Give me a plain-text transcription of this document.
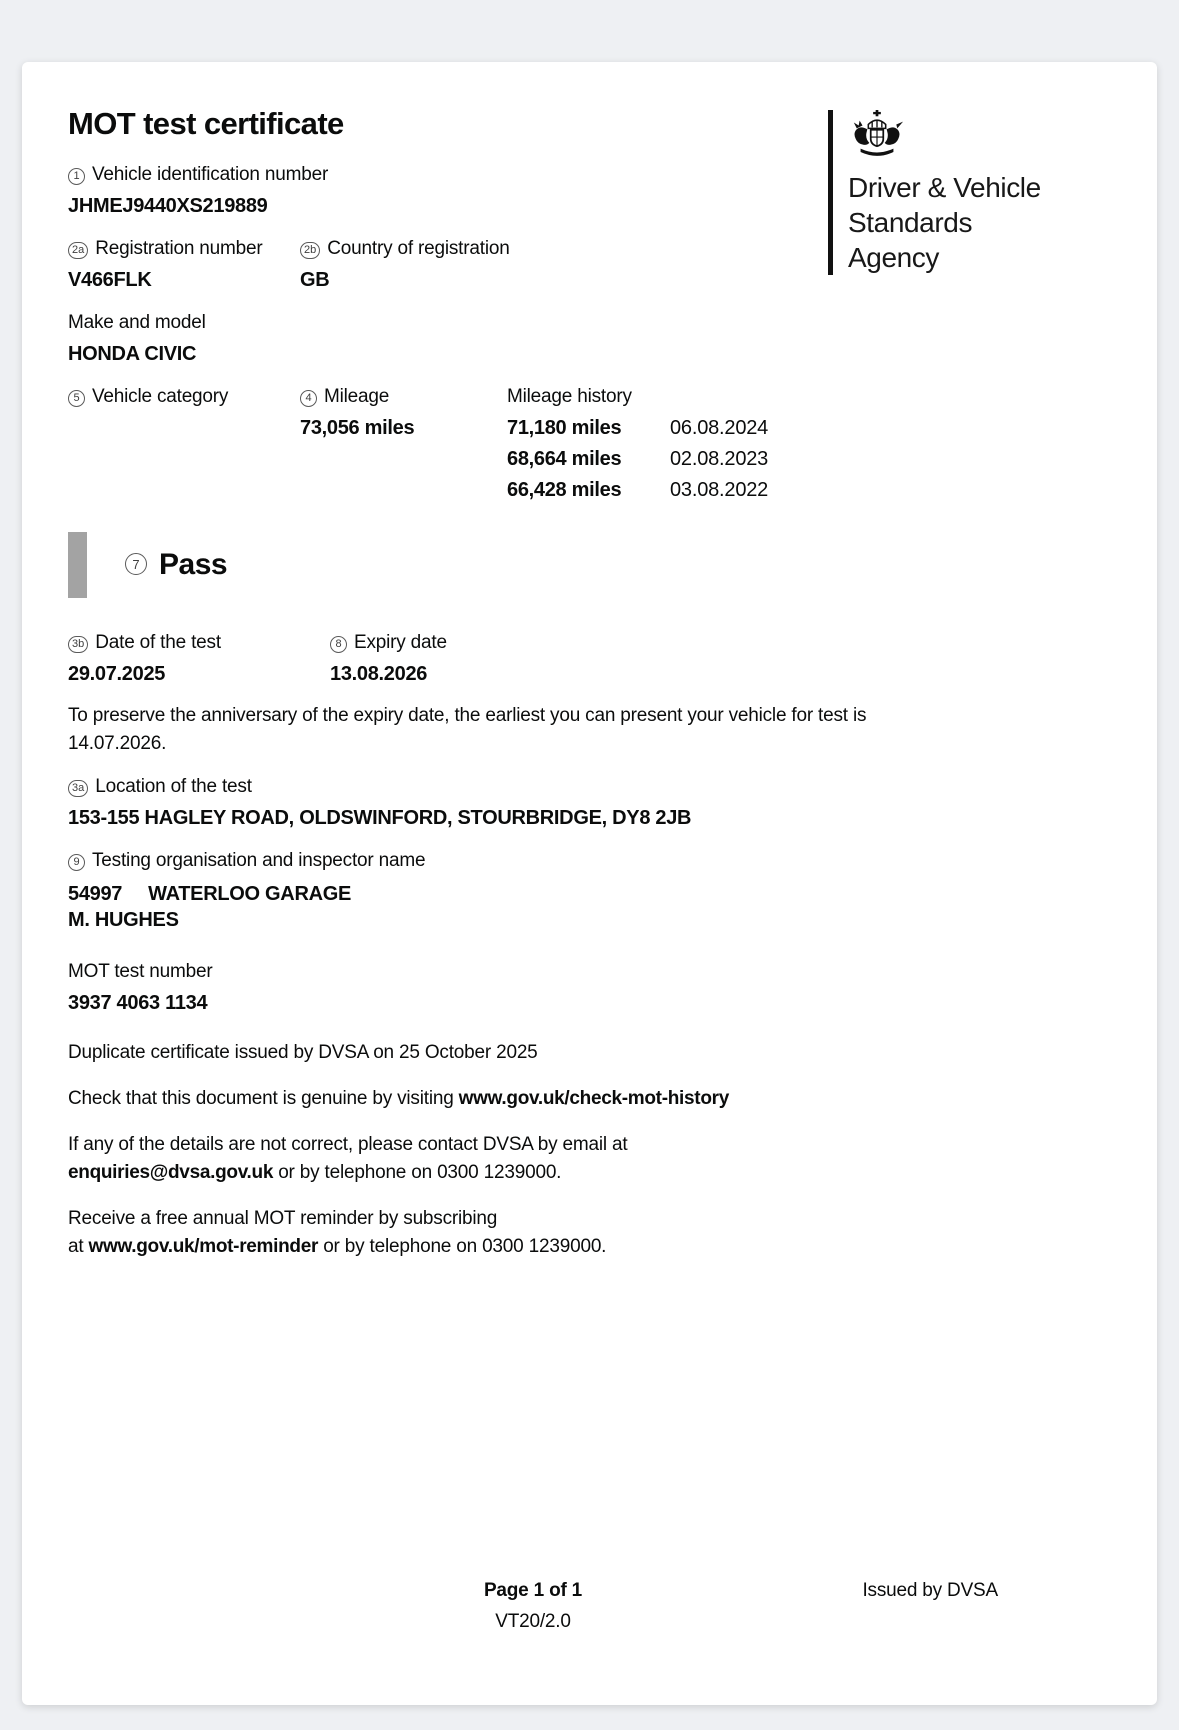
MOT test certificate
1 Vehicle identification number
JHMEJ9440XS219889
2a Registration number
V466FLK
2b Country of registration
GB
Make and model
HONDA CIVIC
5 Vehicle category	4 Mileage
73,056 miles
Mileage history
71,180 miles	06.08.2024
68,664 miles	02.08.2023
66,428 miles	03.08.2022
7 Pass
3b Date of the test
29.07.2025
8 Expiry date
13.08.2026

To preserve the anniversary of the expiry date, the earliest you can present your vehicle for test is
14.07.2026.

3a Location of the test
153-155 HAGLEY ROAD, OLDSWINFORD, STOURBRIDGE, DY8 2JB
9 Testing organisation and inspector name
54997 WATERLOO GARAGE
M. HUGHES
MOT test number
3937 4063 1134

Duplicate certificate issued by DVSA on 25 October 2025

Check that this document is genuine by visiting www.gov.uk/check-mot-history

If any of the details are not correct, please contact DVSA by email at
enquiries@dvsa.gov.uk or by telephone on 0300 1239000.

Receive a free annual MOT reminder by subscribing
at www.gov.uk/mot-reminder or by telephone on 0300 1239000.

Driver & Vehicle
Standards
Agency
Page 1 of 1
VT20/2.0
Issued by DVSA
